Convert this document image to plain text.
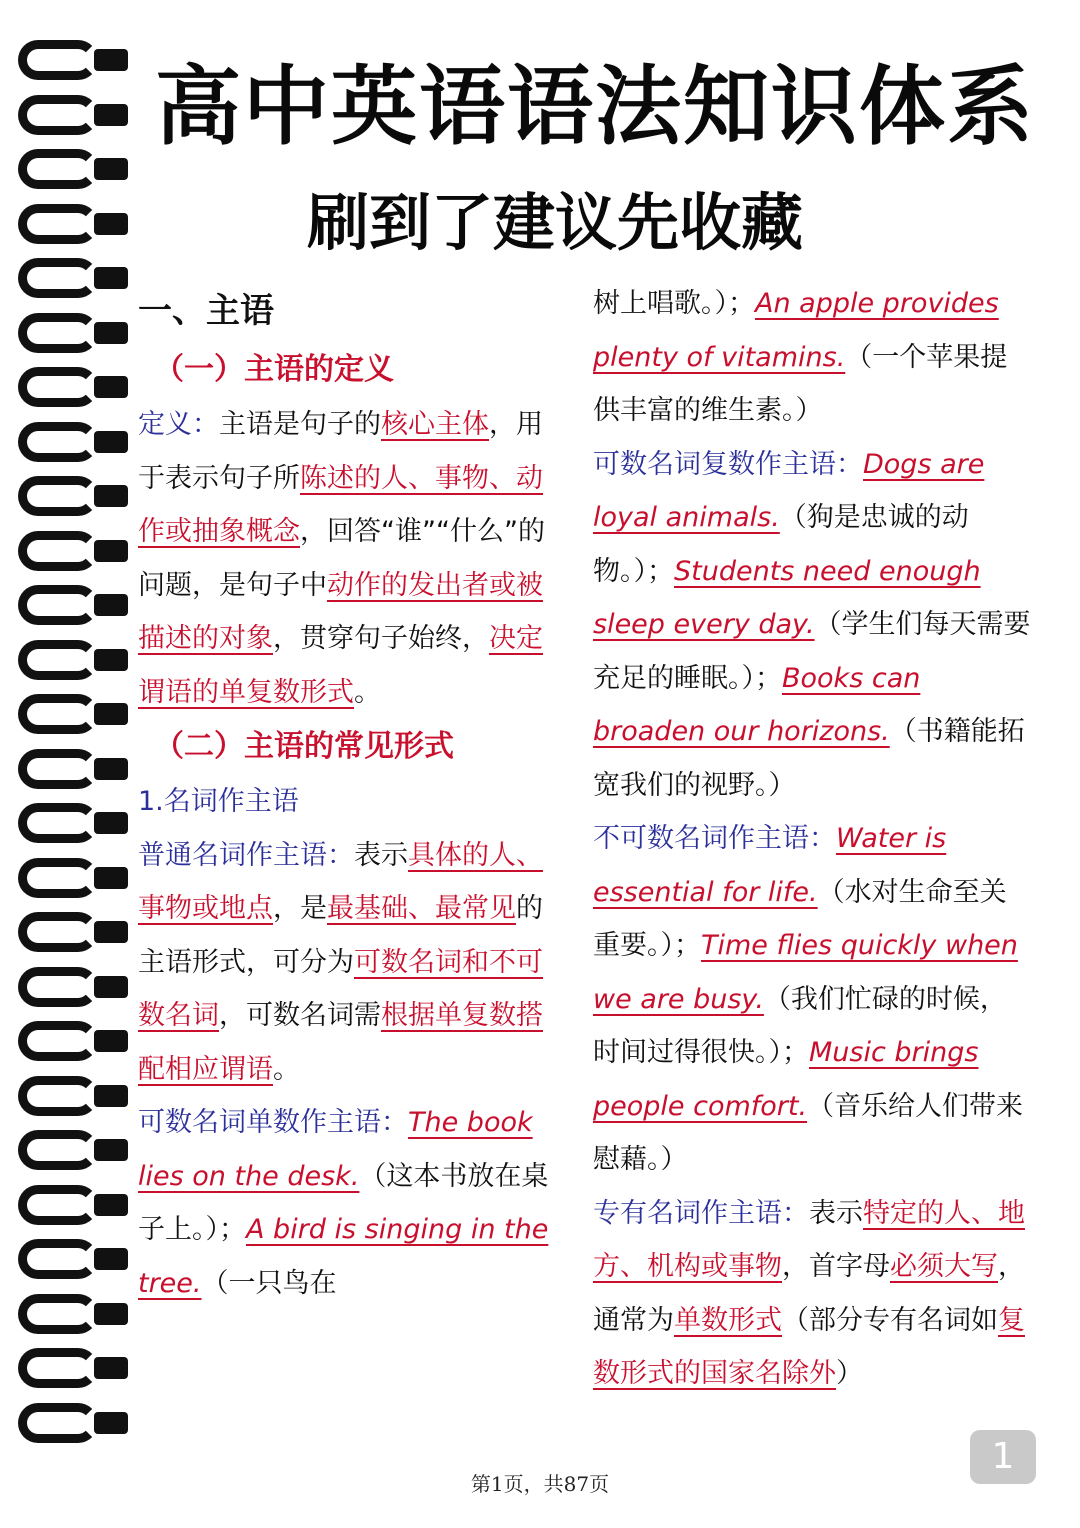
高中英语语法知识体系
刷到了建议先收藏
一、主语
（一）主语的定义

定义：主语是句子的核心主体，用于表示句子所陈述的人、事物、动作或抽象概念，回答“谁”“什么”的问题，是句子中动作的发出者或被描述的对象，贯穿句子始终，决定谓语的单复数形式。

（二）主语的常见形式
1.名词作主语

普通名词作主语：表示具体的人、事物或地点，是最基础、最常见的主语形式，可分为可数名词和不可数名词，可数名词需根据单复数搭配相应谓语。

可数名词单数作主语：The book lies on the desk.（这本书放在桌子上。）；A bird is singing in the tree.（一只鸟在

树上唱歌。）；An apple provides plenty of vitamins.（一个苹果提供丰富的维生素。）

可数名词复数作主语：Dogs are loyal animals.（狗是忠诚的动物。）；Students need enough sleep every day.（学生们每天需要充足的睡眠。）；Books can broaden our horizons.（书籍能拓宽我们的视野。）

不可数名词作主语：Water is essential for life.（水对生命至关重要。）；Time flies quickly when we are busy.（我们忙碌的时候，时间过得很快。）；Music brings people comfort.（音乐给人们带来慰藉。）

专有名词作主语：表示特定的人、地方、机构或事物，首字母必须大写，通常为单数形式（部分专有名词如复数形式的国家名除外）

1
第1页，共87页
